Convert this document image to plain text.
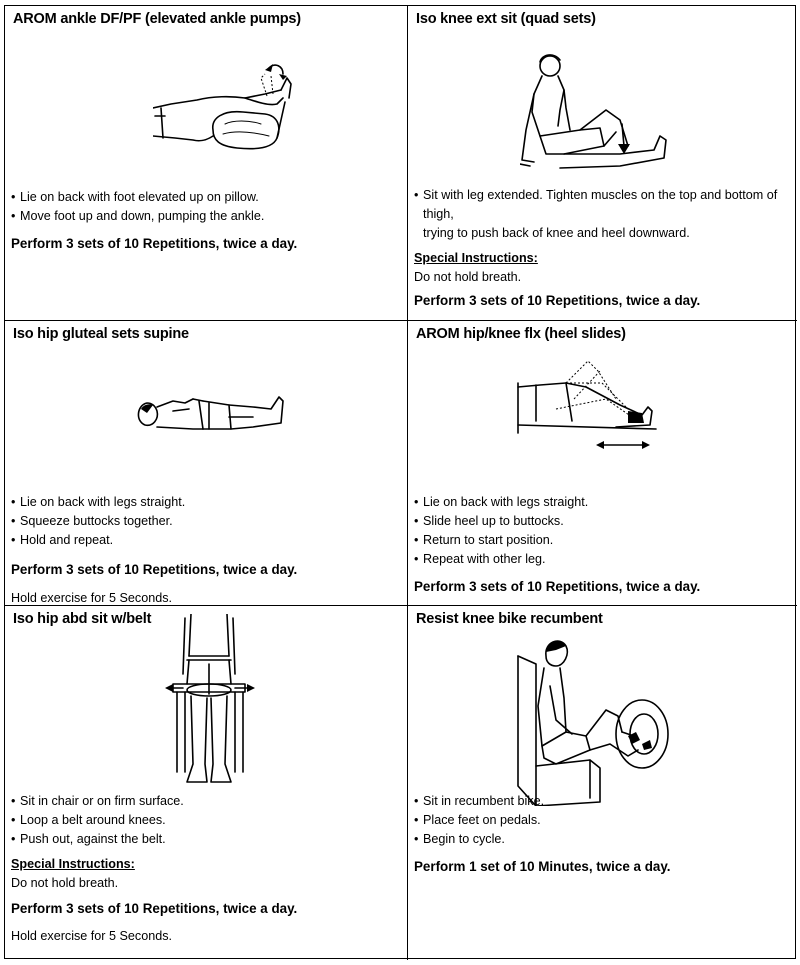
AROM ankle DF/PF (elevated ankle pumps)
• Lie on back with foot elevated up on pillow.
• Move foot up and down, pumping the ankle.
Perform 3 sets of 10 Repetitions, twice a day.
Iso knee ext sit (quad sets)
• Sit with leg extended. Tighten muscles on the top and bottom of thigh,
trying to push back of knee and heel downward.
Special Instructions:
Do not hold breath.
Perform 3 sets of 10 Repetitions, twice a day.
Iso hip gluteal sets supine
• Lie on back with legs straight.
• Squeeze buttocks together.
• Hold and repeat.
Perform 3 sets of 10 Repetitions, twice a day.
Hold exercise for 5 Seconds.
AROM hip/knee flx (heel slides)
• Lie on back with legs straight.
• Slide heel up to buttocks.
• Return to start position.
• Repeat with other leg.
Perform 3 sets of 10 Repetitions, twice a day.
Iso hip abd sit w/belt
• Sit in chair or on firm surface.
• Loop a belt around knees.
• Push out, against the belt.
Special Instructions:
Do not hold breath.
Perform 3 sets of 10 Repetitions, twice a day.
Hold exercise for 5 Seconds.
Resist knee bike recumbent
• Sit in recumbent bike.
• Place feet on pedals.
• Begin to cycle.
Perform 1 set of 10 Minutes, twice a day.
